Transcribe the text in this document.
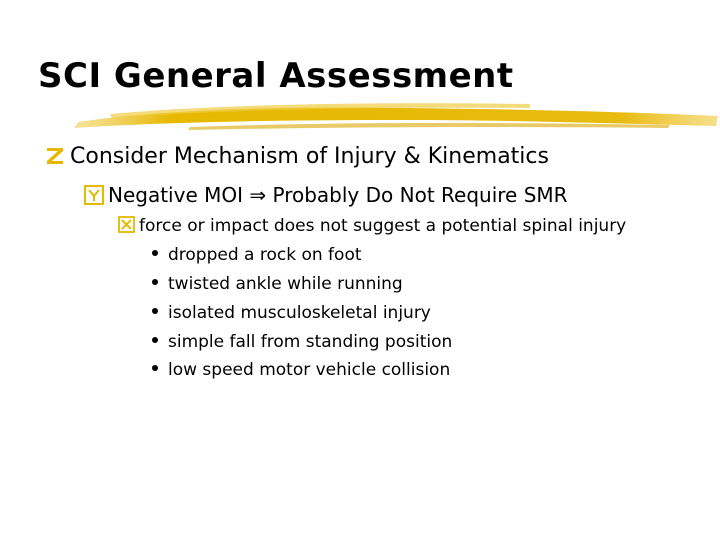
SCI General Assessment
Consider Mechanism of Injury & Kinematics
Negative MOI ⇒ Probably Do Not Require SMR
force or impact does not suggest a potential spinal injury
dropped a rock on foot
twisted ankle while running
isolated musculoskeletal injury
simple fall from standing position
low speed motor vehicle collision
